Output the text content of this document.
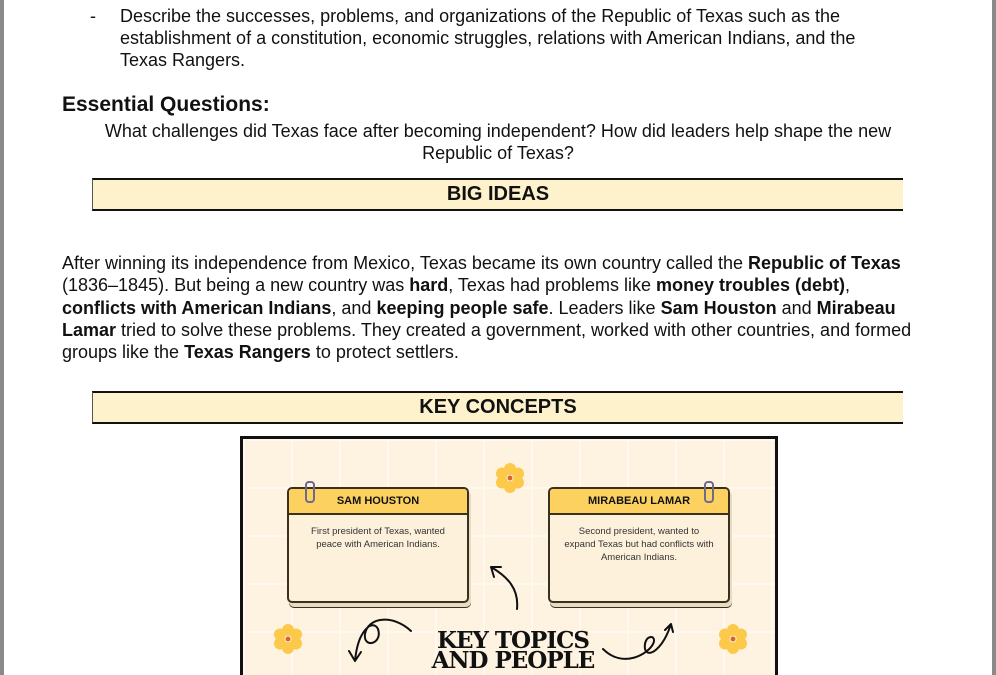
- Describe the successes, problems, and organizations of the Republic of Texas such as the
establishment of a constitution, economic struggles, relations with American Indians, and the
Texas Rangers.
Essential Questions:
What challenges did Texas face after becoming independent? How did leaders help shape the new
Republic of Texas?
BIG IDEAS
After winning its independence from Mexico, Texas became its own country called the Republic of Texas (1836–1845). But being a new country was hard, Texas had problems like money troubles (debt), conflicts with American Indians, and keeping people safe. Leaders like Sam Houston and Mirabeau Lamar tried to solve these problems. They created a government, worked with other countries, and formed groups like the Texas Rangers to protect settlers.
KEY CONCEPTS
SAM HOUSTON
First president of Texas, wanted peace with American Indians.
MIRABEAU LAMAR
Second president, wanted to expand Texas but had conflicts with American Indians.
KEY TOPICS
AND PEOPLE
